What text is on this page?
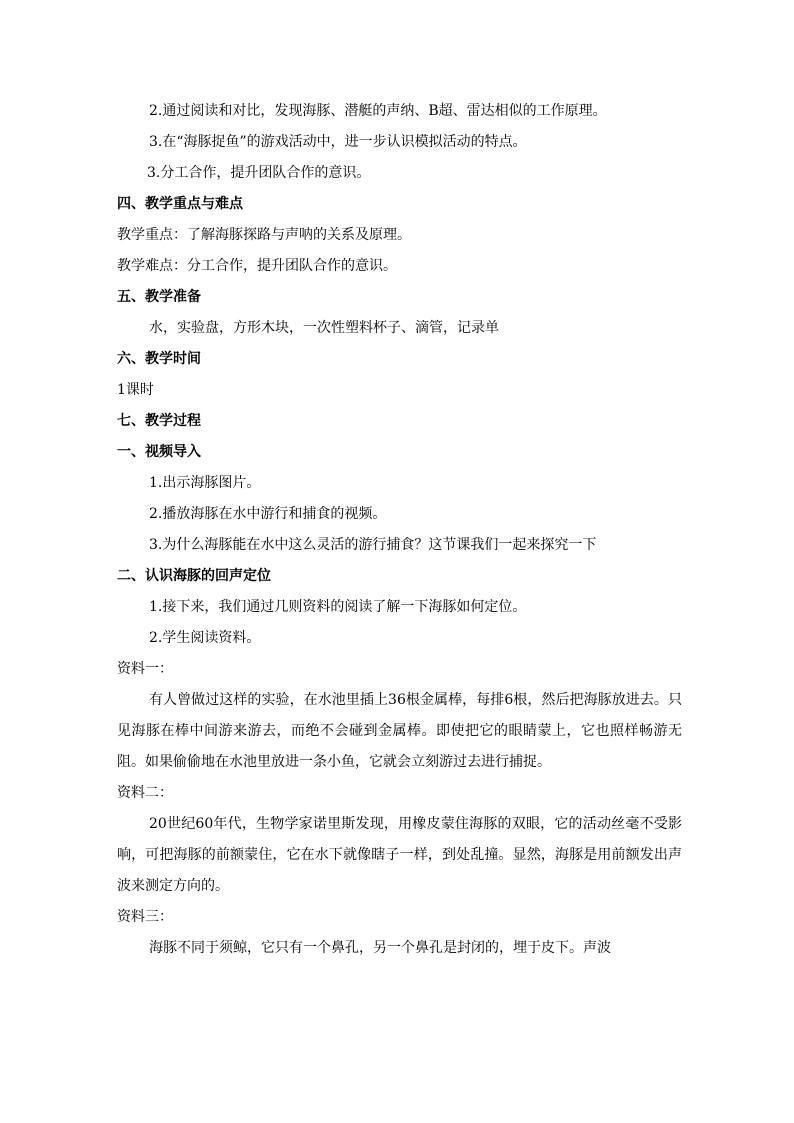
2.通过阅读和对比，发现海豚、潜艇的声纳、B超、雷达相似的工作原理。

3.在“海豚捉鱼”的游戏活动中，进一步认识模拟活动的特点。

3.分工合作，提升团队合作的意识。

四、教学重点与难点

教学重点：了解海豚探路与声呐的关系及原理。

教学难点：分工合作，提升团队合作的意识。

五、教学准备

水，实验盘，方形木块，一次性塑料杯子、滴管，记录单

六、教学时间

1课时

七、教学过程

一、视频导入

1.出示海豚图片。

2.播放海豚在水中游行和捕食的视频。

3.为什么海豚能在水中这么灵活的游行捕食？这节课我们一起来探究一下

二、认识海豚的回声定位

1.接下来，我们通过几则资料的阅读了解一下海豚如何定位。

2.学生阅读资料。

资料一：

有人曾做过这样的实验，在水池里插上36根金属棒，每排6根，然后把海豚放进去。只见海豚在棒中间游来游去，而绝不会碰到金属棒。即使把它的眼睛蒙上，它也照样畅游无阻。如果偷偷地在水池里放进一条小鱼，它就会立刻游过去进行捕捉。

资料二：

20世纪60年代，生物学家诺里斯发现，用橡皮蒙住海豚的双眼，它的活动丝毫不受影响，可把海豚的前额蒙住，它在水下就像瞎子一样，到处乱撞。显然，海豚是用前额发出声波来测定方向的。

资料三：

海豚不同于须鲸，它只有一个鼻孔，另一个鼻孔是封闭的，埋于皮下。声波
